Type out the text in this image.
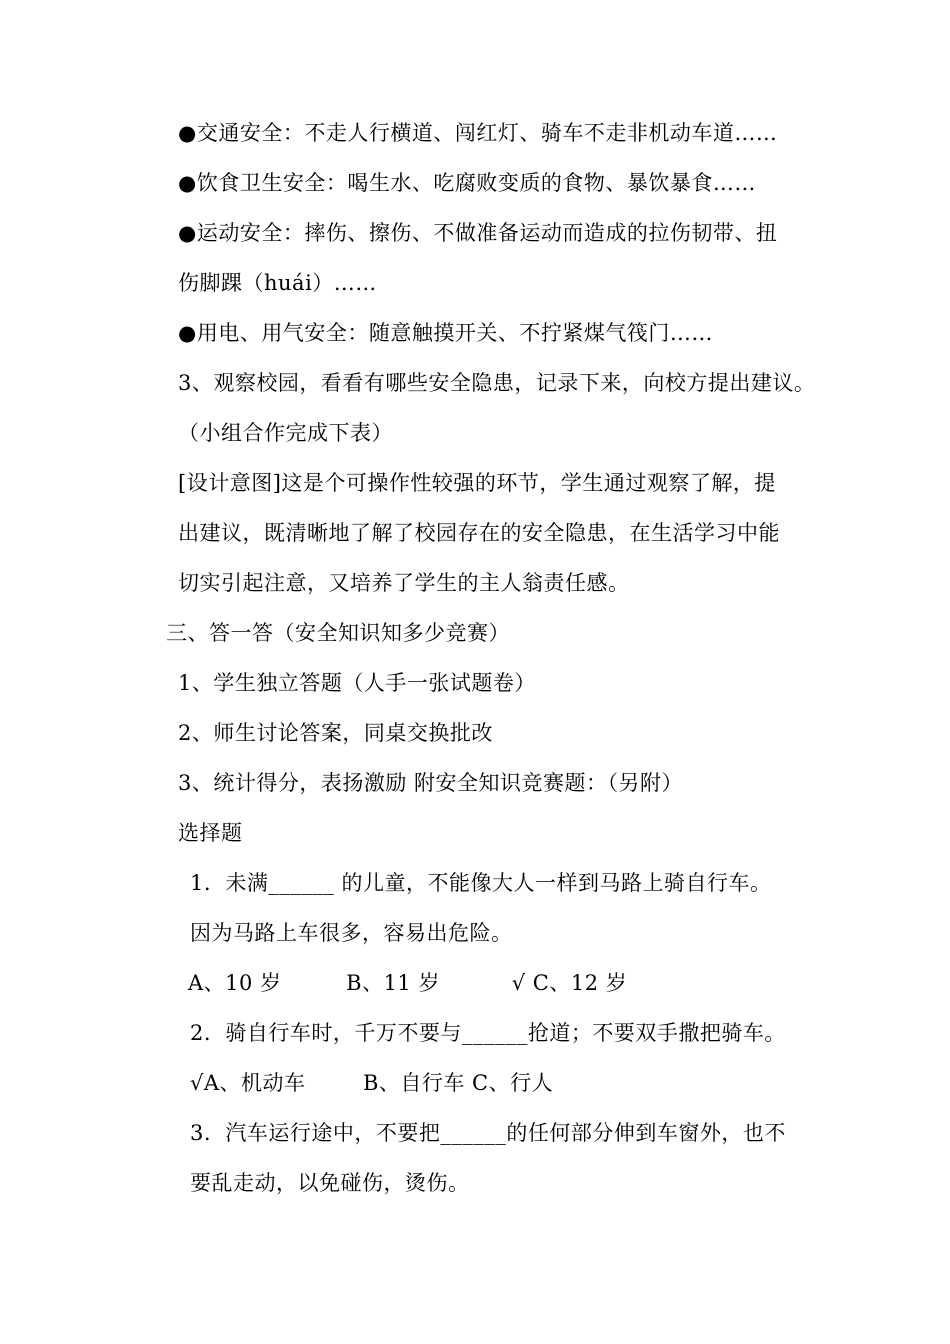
●交通安全：不走人行横道、闯红灯、骑车不走非机动车道……
●饮食卫生安全：喝生水、吃腐败变质的食物、暴饮暴食……
●运动安全：摔伤、擦伤、不做准备运动而造成的拉伤韧带、扭
伤脚踝（huái）……
●用电、用气安全：随意触摸开关、不拧紧煤气筏门……
3、观察校园，看看有哪些安全隐患，记录下来，向校方提出建议。
（小组合作完成下表）
[设计意图]这是个可操作性较强的环节，学生通过观察了解，提
出建议，既清晰地了解了校园存在的安全隐患，在生活学习中能
切实引起注意，又培养了学生的主人翁责任感。
三、答一答（安全知识知多少竞赛）
1、学生独立答题（人手一张试题卷）
2、师生讨论答案，同桌交换批改
3、统计得分，表扬激励 附安全知识竞赛题：（另附）
选择题
1.  未满______ 的儿童，不能像大人一样到马路上骑自行车。
因为马路上车很多，容易出危险。
A、10 岁         B、11 岁          √ C、12 岁
2.  骑自行车时，千万不要与______抢道；不要双手撒把骑车。
√A、机动车        B、自行车 C、行人
3.  汽车运行途中，不要把______的任何部分伸到车窗外，也不
要乱走动，以免碰伤，烫伤。
